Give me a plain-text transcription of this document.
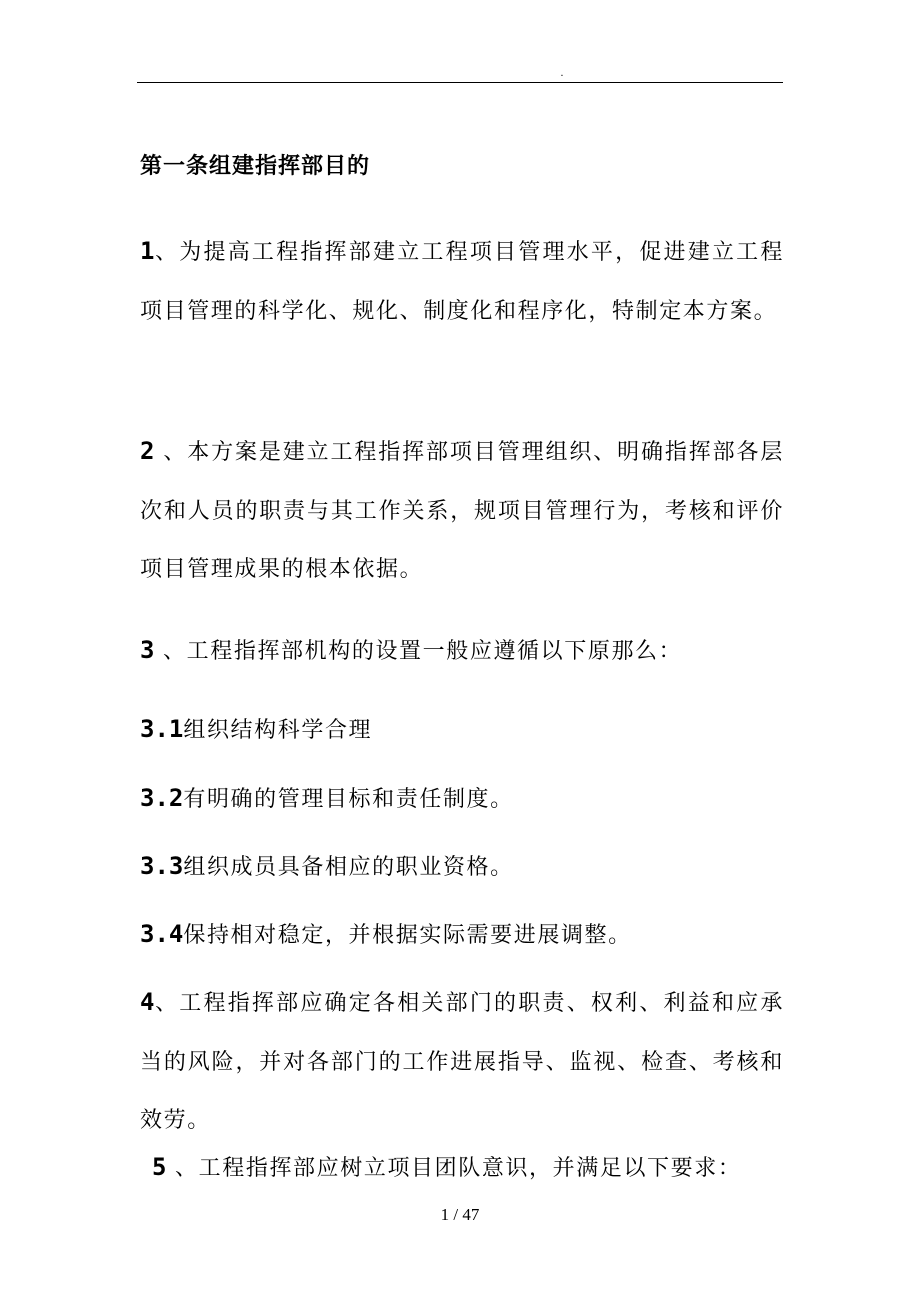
.
第一条组建指挥部目的
1、为提高工程指挥部建立工程项目管理水平，促进建立工程项目管理的科学化、规化、制度化和程序化，特制定本方案。
2 、本方案是建立工程指挥部项目管理组织、明确指挥部各层次和人员的职责与其工作关系，规项目管理行为，考核和评价项目管理成果的根本依据。
3 、工程指挥部机构的设置一般应遵循以下原那么：
3.1组织结构科学合理
3.2有明确的管理目标和责任制度。
3.3组织成员具备相应的职业资格。
3.4保持相对稳定，并根据实际需要进展调整。
4、工程指挥部应确定各相关部门的职责、权利、利益和应承当的风险，并对各部门的工作进展指导、监视、检查、考核和效劳。
5 、工程指挥部应树立项目团队意识，并满足以下要求：
1 / 47
